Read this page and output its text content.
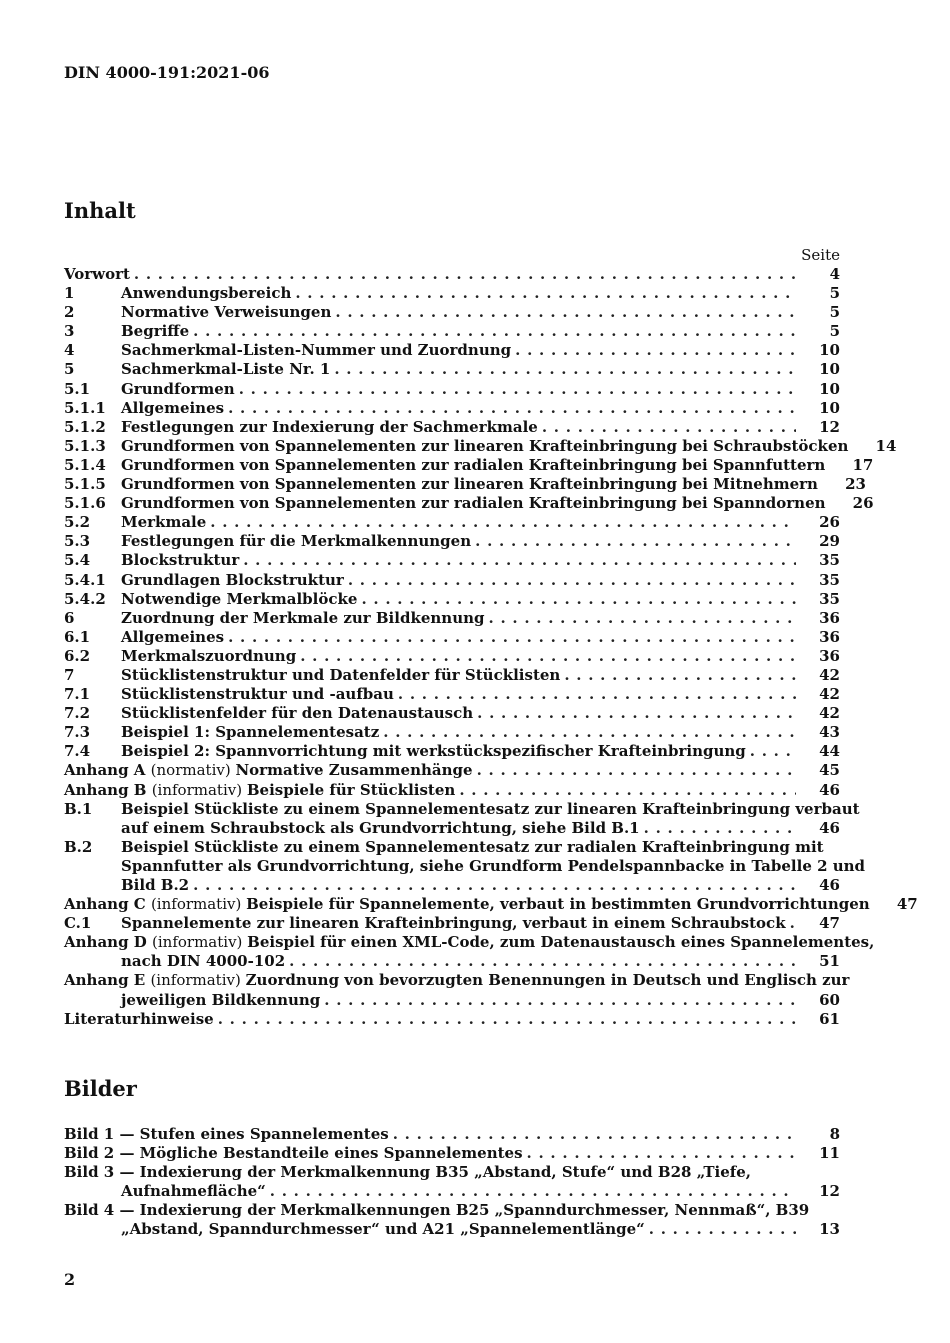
DIN 4000-191:2021-06
Inhalt
Seite
Vorwort . . .	4
1	Anwendungsbereich . . .	5
2	Normative Verweisungen . . .	5
3	Begriffe . . .	5
4	Sachmerkmal-Listen-Nummer und Zuordnung . . .	10
5	Sachmerkmal-Liste Nr. 1 . . .	10
5.1	Grundformen . . .	10
5.1.1	Allgemeines . . .	10
5.1.2	Festlegungen zur Indexierung der Sachmerkmale . . .	12
5.1.3	Grundformen von Spannelementen zur linearen Krafteinbringung bei Schraubstöcken	14
5.1.4	Grundformen von Spannelementen zur radialen Krafteinbringung bei Spannfuttern	17
5.1.5	Grundformen von Spannelementen zur linearen Krafteinbringung bei Mitnehmern	23
5.1.6	Grundformen von Spannelementen zur radialen Krafteinbringung bei Spanndornen	26
5.2	Merkmale . . .	26
5.3	Festlegungen für die Merkmalkennungen . . .	29
5.4	Blockstruktur . . .	35
5.4.1	Grundlagen Blockstruktur . . .	35
5.4.2	Notwendige Merkmalblöcke . . .	35
6	Zuordnung der Merkmale zur Bildkennung . . .	36
6.1	Allgemeines . . .	36
6.2	Merkmalszuordnung . . .	36
7	Stücklistenstruktur und Datenfelder für Stücklisten . . .	42
7.1	Stücklistenstruktur und -aufbau . . .	42
7.2	Stücklistenfelder für den Datenaustausch . . .	42
7.3	Beispiel 1: Spannelementesatz . . .	43
7.4	Beispiel 2: Spannvorrichtung mit werkstückspezifischer Krafteinbringung . . .	44
Anhang A (normativ) Normative Zusammenhänge . . .	45
Anhang B (informativ) Beispiele für Stücklisten . . .	46
B.1	Beispiel Stückliste zu einem Spannelementesatz zur linearen Krafteinbringung verbaut
auf einem Schraubstock als Grundvorrichtung, siehe Bild B.1 . . .	46
B.2	Beispiel Stückliste zu einem Spannelementesatz zur radialen Krafteinbringung mit
Spannfutter als Grundvorrichtung, siehe Grundform Pendelspannbacke in Tabelle 2 und
Bild B.2 . . .	46
Anhang C (informativ) Beispiele für Spannelemente, verbaut in bestimmten Grundvorrichtungen	47
C.1	Spannelemente zur linearen Krafteinbringung, verbaut in einem Schraubstock . . .	47
Anhang D (informativ) Beispiel für einen XML-Code, zum Datenaustausch eines Spannelementes,
nach DIN 4000-102 . . .	51
Anhang E (informativ) Zuordnung von bevorzugten Benennungen in Deutsch und Englisch zur
jeweiligen Bildkennung . . .	60
Literaturhinweise . . .	61
Bilder
Bild 1 — Stufen eines Spannelementes . . .	8
Bild 2 — Mögliche Bestandteile eines Spannelementes . . .	11
Bild 3 — Indexierung der Merkmalkennung B35 „Abstand, Stufe“ und B28 „Tiefe,
Aufnahmefläche“ . . .	12
Bild 4 — Indexierung der Merkmalkennungen B25 „Spanndurchmesser, Nennmaß“, B39
„Abstand, Spanndurchmesser“ und A21 „Spannelementlänge“ . . .	13
2
